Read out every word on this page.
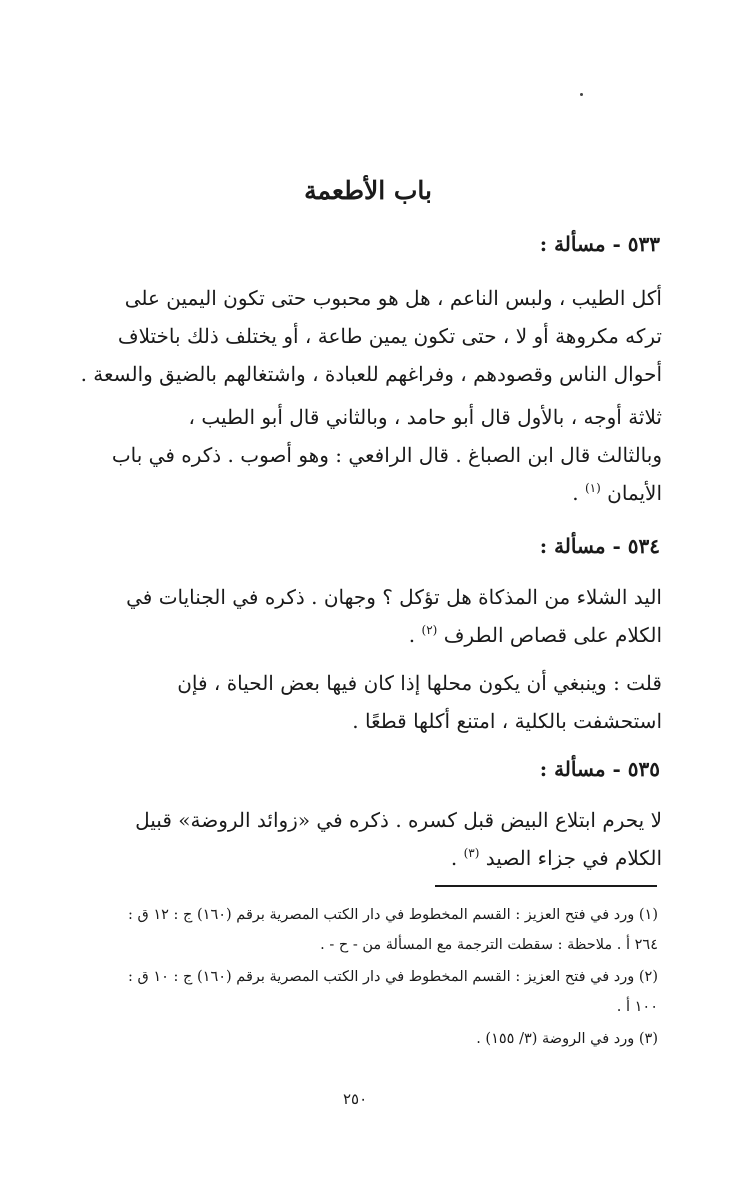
باب الأطعمة
٥٣٣ - مسألة :
أكل الطيب ، ولبس الناعم ، هل هو محبوب حتى تكون اليمين على
تركه مكروهة أو لا ، حتى تكون يمين طاعة ، أو يختلف ذلك باختلاف
أحوال الناس وقصودهم ، وفراغهم للعبادة ، واشتغالهم بالضيق والسعة .
ثلاثة أوجه ، بالأول قال أبو حامد ، وبالثاني قال أبو الطيب ،
وبالثالث قال ابن الصباغ . قال الرافعي : وهو أصوب . ذكره في باب
الأيمان $^{(١)}$ .
٥٣٤ - مسألة :
اليد الشلاء من المذكاة هل تؤكل ؟ وجهان . ذكره في الجنايات في
الكلام على قصاص الطرف $^{(٢)}$ .
قلت : وينبغي أن يكون محلها إذا كان فيها بعض الحياة ، فإن
استحشفت بالكلية ، امتنع أكلها قطعًا .
٥٣٥ - مسألة :
لا يحرم ابتلاع البيض قبل كسره . ذكره في «زوائد الروضة» قبيل
الكلام في جزاء الصيد $^{(٣)}$ .
(١) ورد في فتح العزيز : القسم المخطوط في دار الكتب المصرية برقم (١٦٠) ج : ١٢ ق :
٢٦٤ أ . ملاحظة : سقطت الترجمة مع المسألة من - ح - .
(٢) ورد في فتح العزيز : القسم المخطوط في دار الكتب المصرية برقم (١٦٠) ج : ١٠ ق :
١٠٠ أ .
(٣) ورد في الروضة (٣/ ١٥٥) .
٢٥٠
